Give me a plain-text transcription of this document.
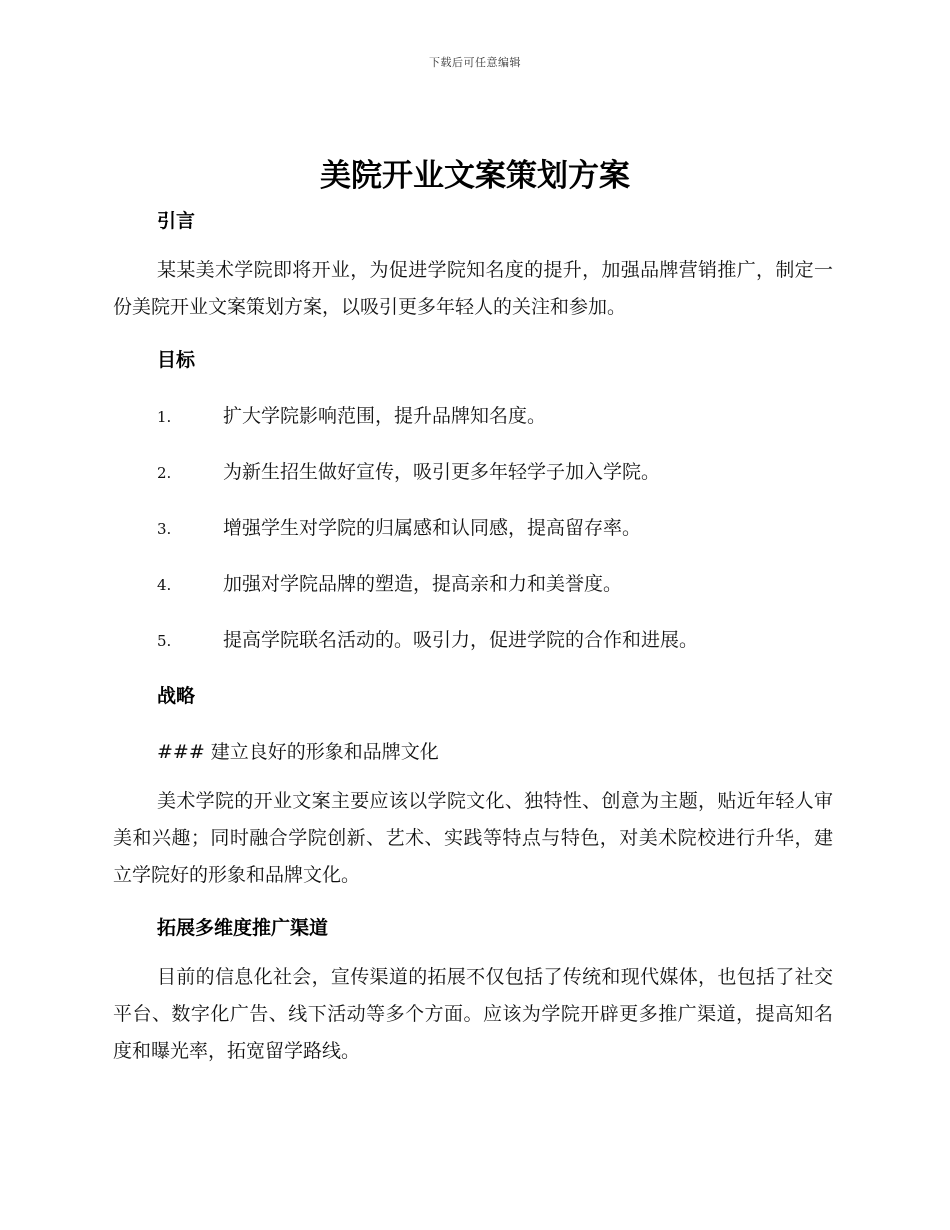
下载后可任意编辑
美院开业文案策划方案

引言

某某美术学院即将开业，为促进学院知名度的提升，加强品牌营销推广，制定一份美院开业文案策划方案，以吸引更多年轻人的关注和参加。

目标

1.	扩大学院影响范围，提升品牌知名度。
2.	为新生招生做好宣传，吸引更多年轻学子加入学院。
3.	增强学生对学院的归属感和认同感，提高留存率。
4.	加强对学院品牌的塑造，提高亲和力和美誉度。
5.	提高学院联名活动的。吸引力，促进学院的合作和进展。

战略

### 建立良好的形象和品牌文化

美术学院的开业文案主要应该以学院文化、独特性、创意为主题，贴近年轻人审美和兴趣；同时融合学院创新、艺术、实践等特点与特色，对美术院校进行升华，建立学院好的形象和品牌文化。

拓展多维度推广渠道

目前的信息化社会，宣传渠道的拓展不仅包括了传统和现代媒体，也包括了社交平台、数字化广告、线下活动等多个方面。应该为学院开辟更多推广渠道，提高知名度和曝光率，拓宽留学路线。
